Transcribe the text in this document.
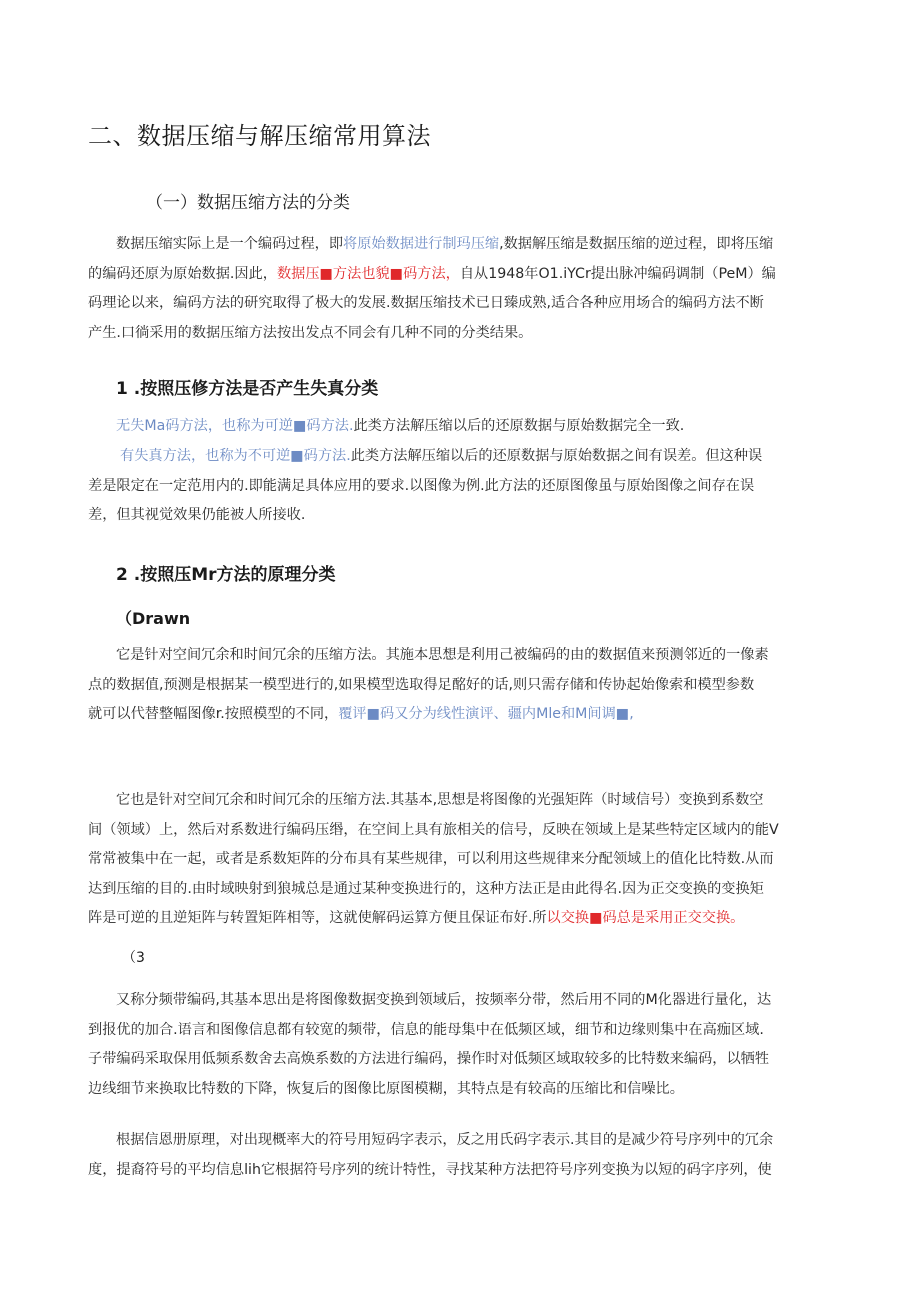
二、数据压缩与解压缩常用算法
（一）数据压缩方法的分类
数据压缩实际上是一个编码过程，即将原始数据进行制玛压缩,数据解压缩是数据压缩的逆过程，即将压缩
的编码还原为原始数据.因此，数据压■方法也貌■码方法，自从1948年O1.iYCr提出脉冲编码调制（PeM）编
码理论以来，编码方法的研究取得了极大的发展.数据压缩技术已日臻成熟,适合各种应用场合的编码方法不断
产生.口徜采用的数据压缩方法按出发点不同会有几种不同的分类结果。
1 .按照压修方法是否产生失真分类
无失Ma码方法，也称为可逆■码方法.此类方法解压缩以后的还原数据与原始数据完全一致.
有失真方法，也称为不可逆■码方法.此类方法解压缩以后的还原数据与原始数据之间有误差。但这种误
差是限定在一定范用内的.即能满足具体应用的要求.以图像为例.此方法的还原图像虽与原始图像之间存在误
差，但其视觉效果仍能被人所接收.
2 .按照压Mr方法的原理分类
（Drawn
它是针对空间冗余和时间冗余的压缩方法。其施本思想是利用己被编码的由的数据值来预测邻近的一像素
点的数据值,预测是根据某一模型进行的,如果模型选取得足酩好的话,则只需存储和传协起始像索和模型参数
就可以代替整幅图像r.按照模型的不同，覆评■码又分为线性演评、疆内Mle和M间调■,
它也是针对空间冗余和时间冗余的压缩方法.其基本,思想是将图像的光强矩阵（时域信号）变换到系数空
间（领域）上，然后对系数进行编码压缗，在空间上具有旅相关的信号，反映在领域上是某些特定区域内的能V
常常被集中在一起，或者是系数矩阵的分布具有某些规律，可以利用这些规律来分配领域上的值化比特数.从而
达到压缩的目的.由时域映射到狼城总是通过某种变换进行的，这种方法正是由此得名.因为正交变换的变换矩
阵是可逆的且逆矩阵与转置矩阵相等，这就使解码运算方便且保证布好.所以交换■码总是采用正交交换。
（3
又称分频带编码,其基本思出是将图像数据变换到领域后，按频率分带，然后用不同的M化器进行量化，达
到报优的加合.语言和图像信息都有较宽的频带，信息的能母集中在低频区域，细节和边缘则集中在高痂区域.
子带编码采取保用低频系数舍去高焕系数的方法进行编码，操作时对低频区域取较多的比特数来编码，以牺牲
边线细节来换取比特数的下降，恢复后的图像比原图模糊，其特点是有较高的压缩比和信噪比。
根据信恩册原理，对出现概率大的符号用短码字表示，反之用氏码字表示.其目的是减少符号序列中的冗余
度，提裔符号的平均信息lih它根据符号序列的统计特性，寻找某种方法把符号序列变换为以短的码字序列，使
